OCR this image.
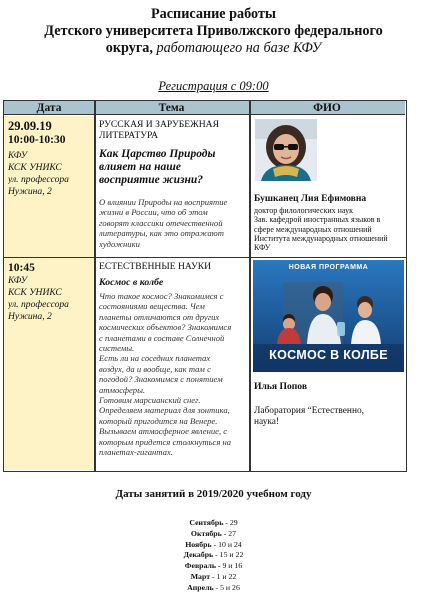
Расписание работы
Детского университета Приволжского федерального
округа, работающего на базе КФУ
Регистрация с 09:00
Дата	Тема	ФИО
29.09.19
10:00-10:30
КФУ
КСК УНИКС
ул. профессора
Нужина, 2
РУССКАЯ И ЗАРУБЕЖНАЯ
ЛИТЕРАТУРА
Как Царство Природы
влияет на наше
восприятие жизни?
О влиянии Природы на восприятие
жизни в России, что об этом
говорят классики отечественной
литературы, как это отражают
художники
Бушканец Лия Ефимовна
доктор филологических наук
Зав. кафедрой иностранных языков в
сфере международных отношений
Института международных отношений
КФУ
10:45
КФУ
КСК УНИКС
ул. профессора
Нужина, 2
ЕСТЕСТВЕННЫЕ НАУКИ
Космос в колбе
Что такое космос? Знакомимся с
состояниями вещества. Чем
планеты отличаются от других
космических объектов? Знакомимся
с планетами в составе Солнечной
системы.
Есть ли на соседних планетах
воздух, да и вообще, как там с
погодой? Знакомимся с понятием
атмосферы.
Готовим марсианский снег.
Определяем материал для зонтика,
который пригодится на Венере.
Вызываем атмосферное явление, с
которым придется столкнуться на
планетах-гигантах.
НОВАЯ ПРОГРАММА
КОСМОС В КОЛБЕ
Илья Попов
Лаборатория “Естественно,
наука!
Даты занятий в 2019/2020 учебном году
Сентябрь - 29
Октябрь - 27
Ноябрь - 10 и 24
Декабрь - 15 и 22
Февраль - 9 и 16
Март - 1 и 22
Апрель - 5 и 26
